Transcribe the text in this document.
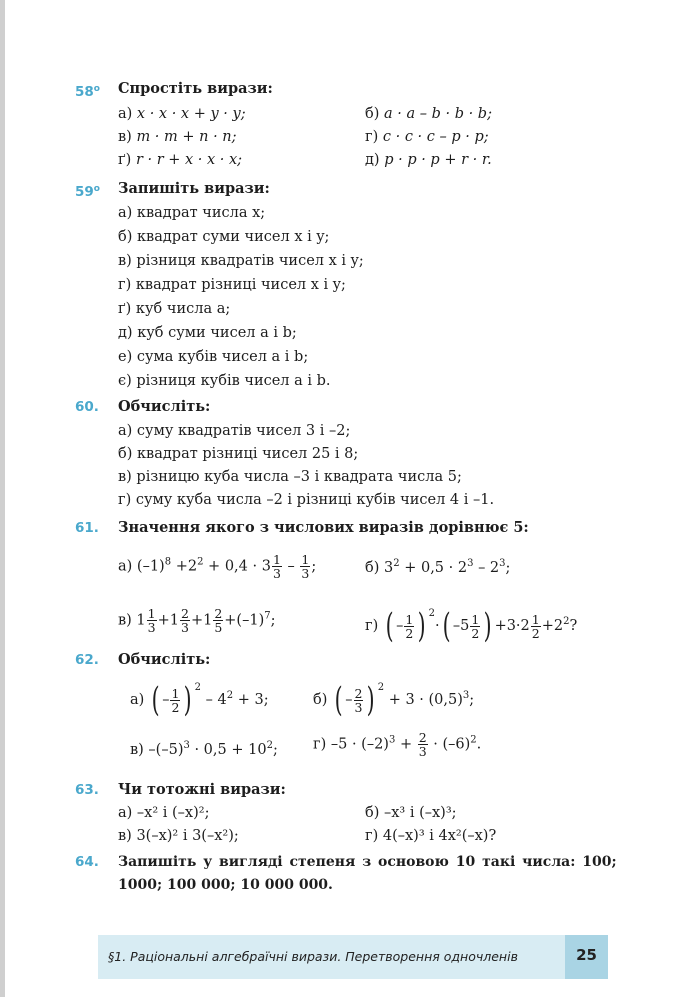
$58^о$ Спростіть вирази:
а) x · x · x + y · y;	б) a · a – b · b · b;
в) m · m + n · n;	г) c · c · c – p · p;
ґ) r · r + x · x · x;	д) p · p · p + r · r.
$59^о$ Запишіть вирази:
а) квадрат числа x;
б) квадрат суми чисел x і y;
в) різниця квадратів чисел x і y;
г) квадрат різниці чисел x і y;
ґ) куб числа a;
д) куб суми чисел a і b;
е) сума кубів чисел a і b;
є) різниця кубів чисел a і b.
60. Обчисліть:
а) суму квадратів чисел 3 і –2;
б) квадрат різниці чисел 25 і 8;
в) різницю куба числа –3 і квадрата числа 5;
г) суму куба числа –2 і різниці кубів чисел 4 і –1.
61. Значення якого з числових виразів дорівнює 5:
а) $(-1)^8 +2^2 + 0,4 \cdot 3 \frac{1}{3} - \frac{1}{3}$ ;	б) $3^2 + 0,5 \cdot 2^3 - 2^3$;
в) $1 \frac{1}{3} +1 \frac{2}{3} +1 \frac{2}{5} +(-1)^7$;	г) ( – $\frac{1}{2}$ ) $^2$·( $-5 \frac{1}{2}$ ) $+3\cdot 2 \frac{1}{2} +2^2$?
62. Обчисліть:
а) ( – $\frac{1}{2}$ ) $^2 - 4^2 + 3$;	б) ( – $\frac{2}{3}$ ) $^2 + 3 \cdot (0,5)^3$;
в) $-(-5)^3 \cdot 0,5 + 10^2$; г) $-5 \cdot (-2)^3 + \frac{2}{3} \cdot (-6)^2$.
63. Чи тотожні вирази:
а) –x² і (–x)²;	б) –x³ і (–x)³;
в) 3(–x)² і 3(–x²);	г) 4(–x)³ і 4x²(–x)?
64. Запишіть у вигляді степеня з основою 10 такі числа: 100;
1000; 100 000; 10 000 000.
§1. Раціональні алгебраїчні вирази. Перетворення одночленів	25
